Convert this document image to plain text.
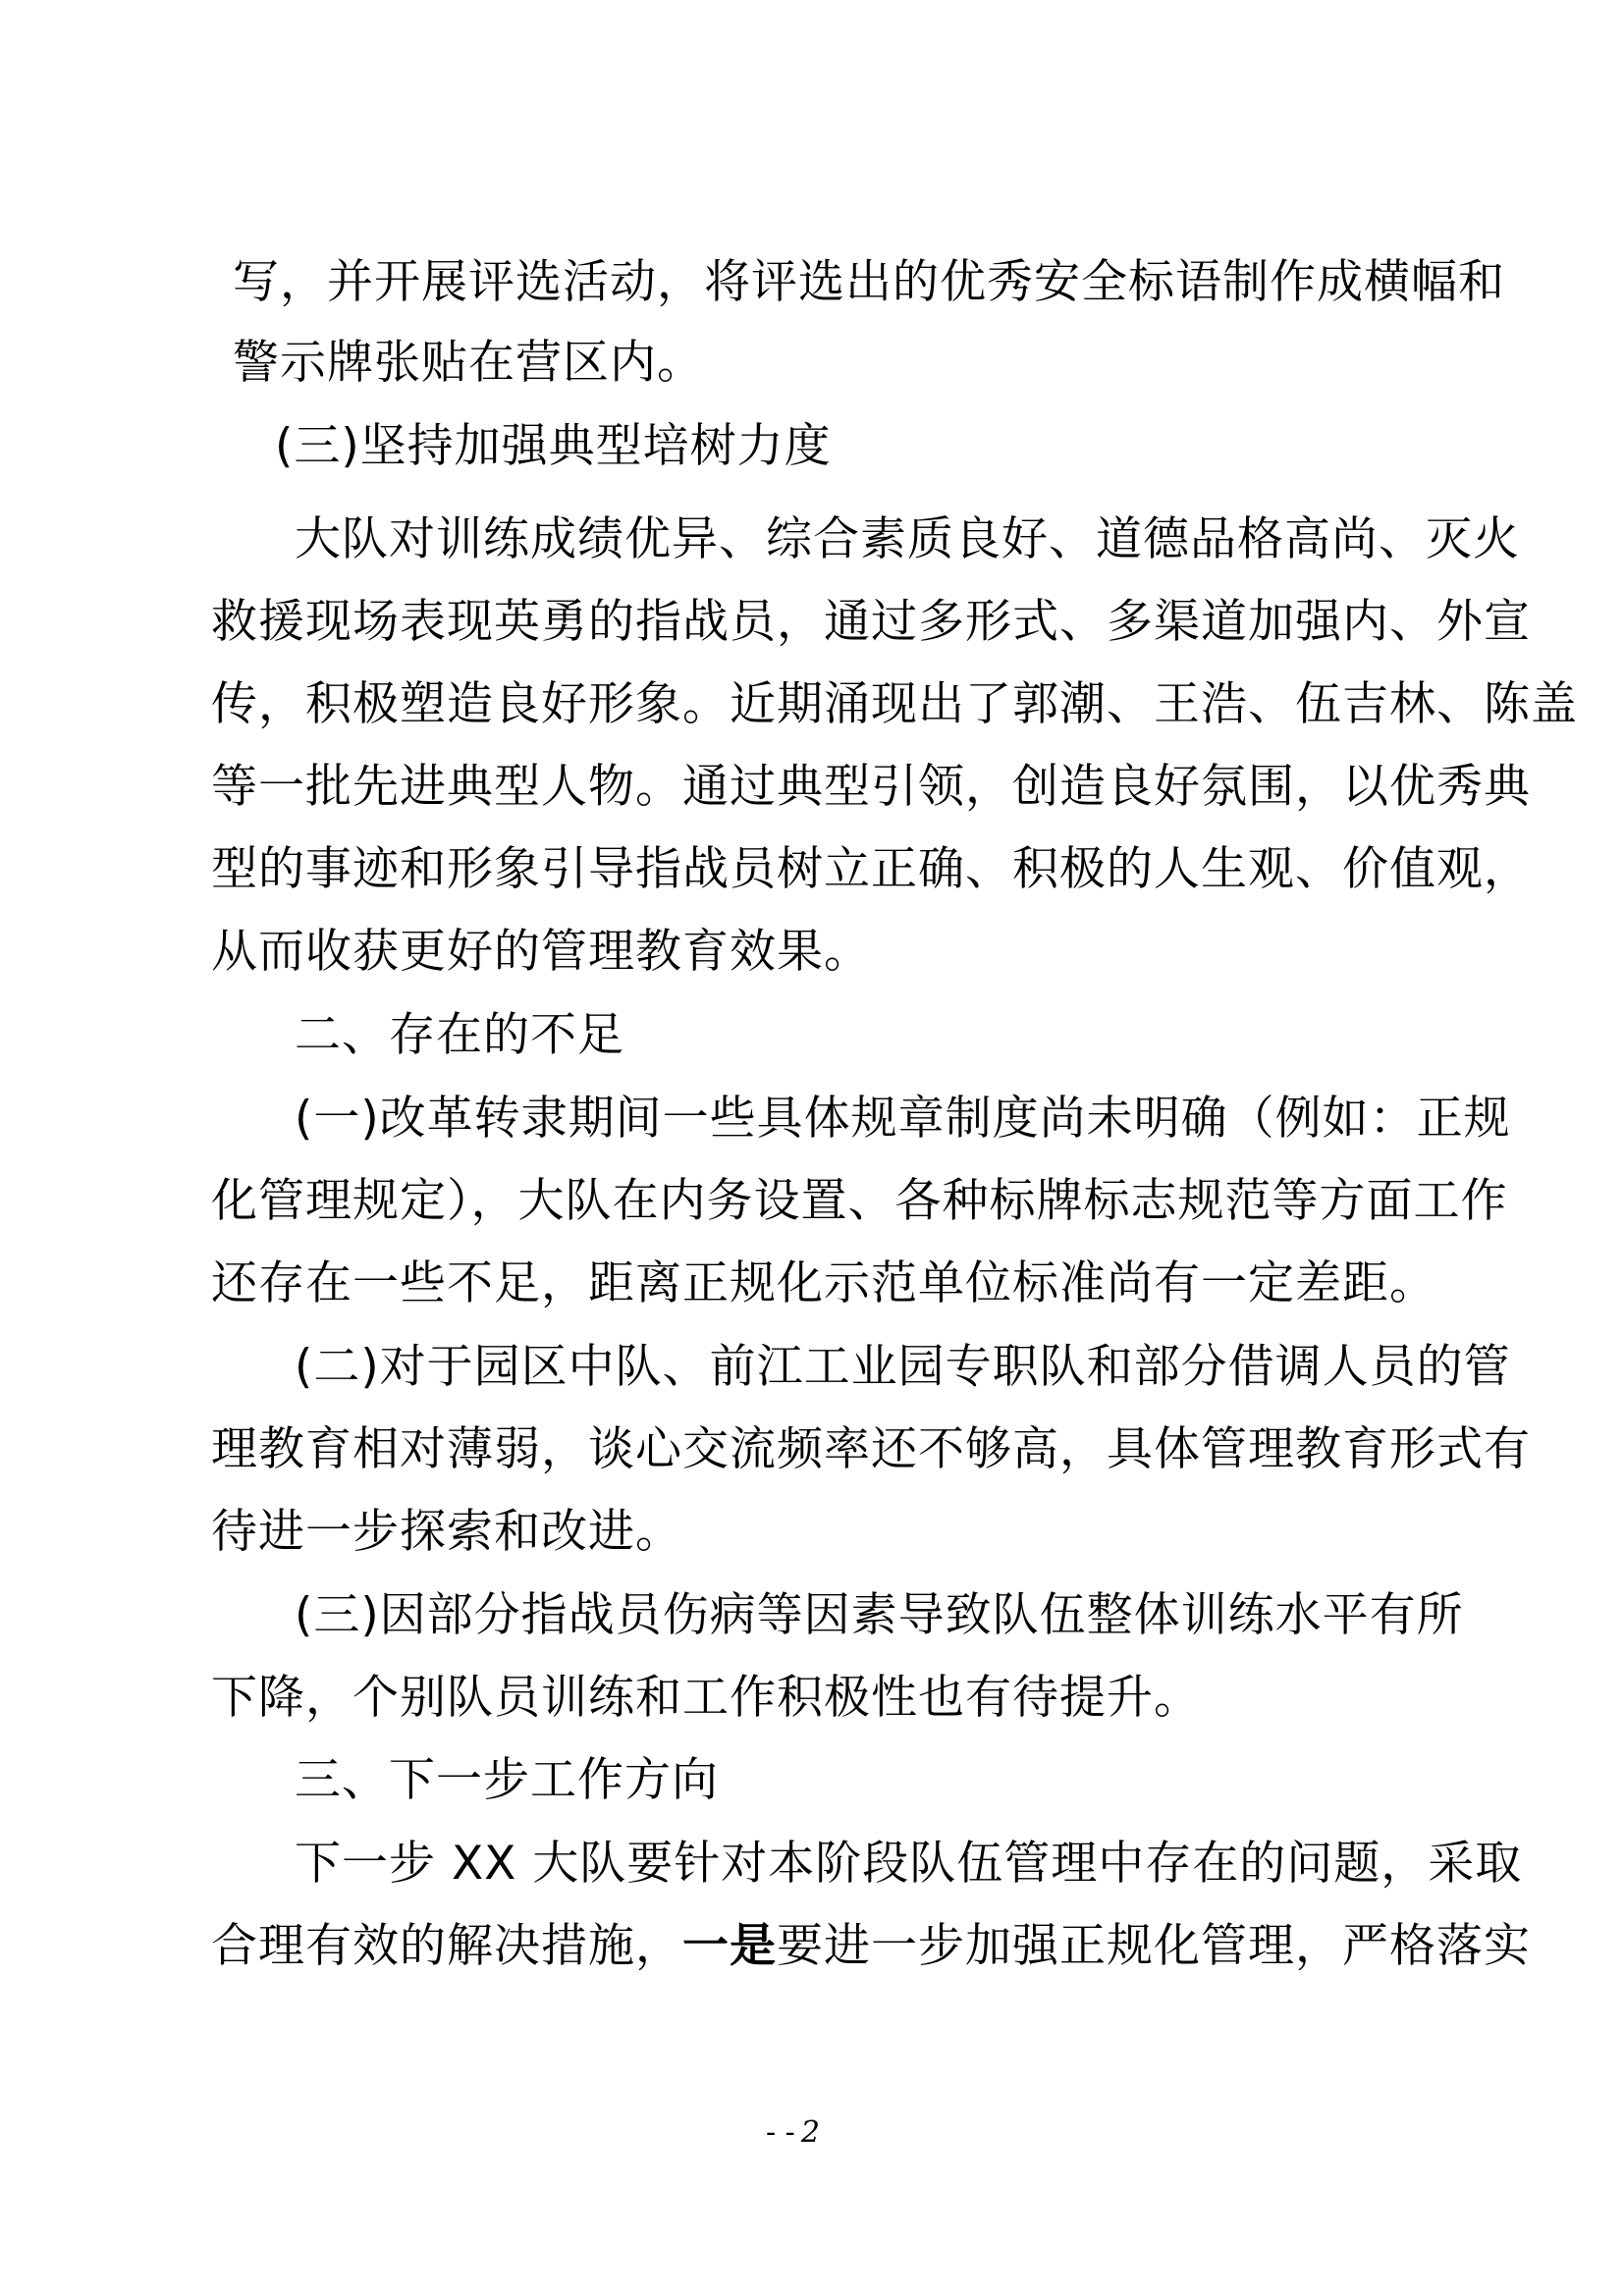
写，并开展评选活动，将评选出的优秀安全标语制作成横幅和
警示牌张贴在营区内。
(三)坚持加强典型培树力度
大队对训练成绩优异、综合素质良好、道德品格高尚、灭火
救援现场表现英勇的指战员，通过多形式、多渠道加强内、外宣
传，积极塑造良好形象。近期涌现出了郭潮、王浩、伍吉林、陈盖
等一批先进典型人物。通过典型引领，创造良好氛围，以优秀典
型的事迹和形象引导指战员树立正确、积极的人生观、价值观，
从而收获更好的管理教育效果。
二、存在的不足
(一)改革转隶期间一些具体规章制度尚未明确（例如：正规
化管理规定），大队在内务设置、各种标牌标志规范等方面工作
还存在一些不足，距离正规化示范单位标准尚有一定差距。
(二)对于园区中队、前江工业园专职队和部分借调人员的管
理教育相对薄弱，谈心交流频率还不够高，具体管理教育形式有
待进一步探索和改进。
(三)因部分指战员伤病等因素导致队伍整体训练水平有所
下降，个别队员训练和工作积极性也有待提升。
三、下一步工作方向
下一步 XX 大队要针对本阶段队伍管理中存在的问题，采取
合理有效的解决措施，一是要进一步加强正规化管理，严格落实
- - 2
